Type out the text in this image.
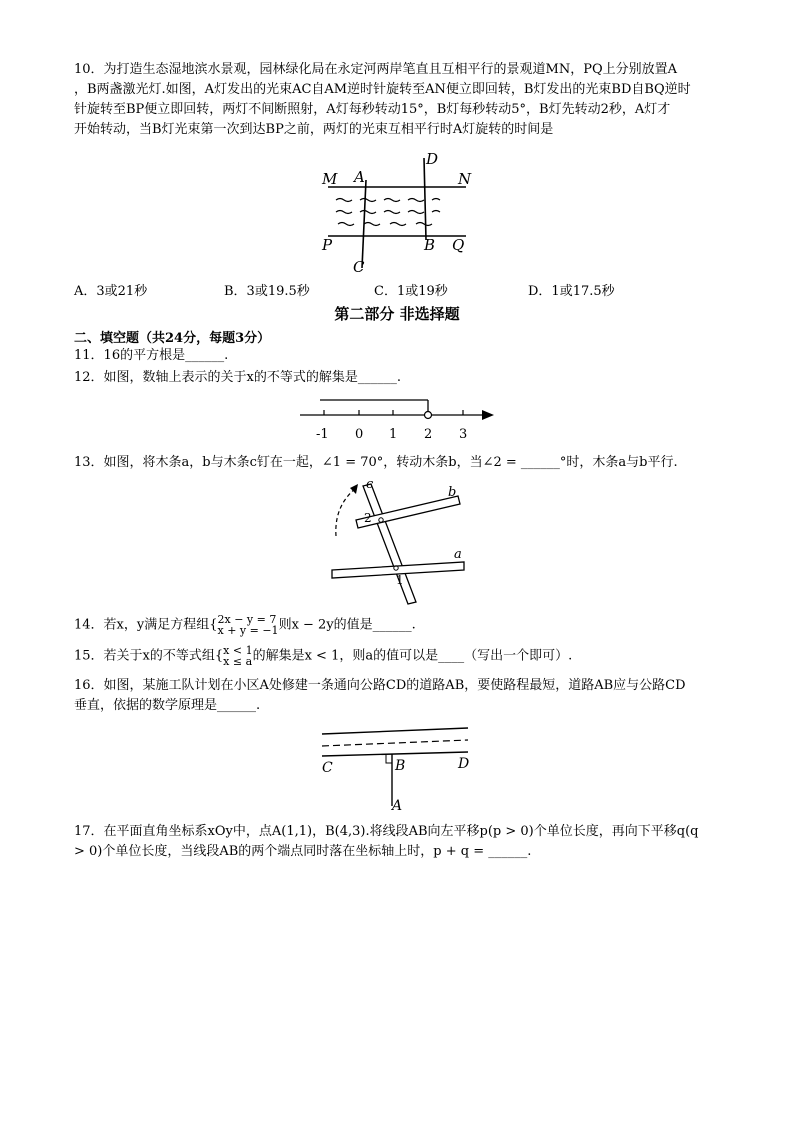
10．为打造生态湿地滨水景观，园林绿化局在永定河两岸笔直且互相平行的景观道MN，PQ上分别放置A
，B两盏激光灯.如图，A灯发出的光束AC自AM逆时针旋转至AN便立即回转，B灯发出的光束BD自BQ逆时
针旋转至BP便立即回转，两灯不间断照射，A灯每秒转动15°，B灯每秒转动5°，B灯先转动2秒，A灯才
开始转动，当B灯光束第一次到达BP之前，两灯的光束互相平行时A灯旋转的时间是
M A	N
D
P	B Q
C
A．3或21秒	B．3或19.5秒	C．1或19秒	D．1或17.5秒
第二部分 非选择题
二、填空题（共24分，每题3分）
11．16的平方根是______.
12．如图，数轴上表示的关于x的不等式的解集是______.
-1 0 1 2 3
13．如图，将木条a，b与木条c钉在一起，∠1 = 70°，转动木条b，当∠2 = ______°时，木条a与b平行.
c
b
a
1
2
14．若x，y满足方程组{ 2x − y = 7
x + y = −1 则x − 2y的值是______.
15．若关于x的不等式组{ x < 1
x ≤ a 的解集是x < 1，则a的值可以是____（写出一个即可）.
16．如图，某施工队计划在小区A处修建一条通向公路CD的道路AB，要使路程最短，道路AB应与公路CD
垂直，依据的数学原理是______.
C	B	D
A
17．在平面直角坐标系xOy中，点A(1,1)，B(4,3).将线段AB向左平移p(p > 0)个单位长度，再向下平移q(q
> 0)个单位长度，当线段AB的两个端点同时落在坐标轴上时，p + q = ______.
